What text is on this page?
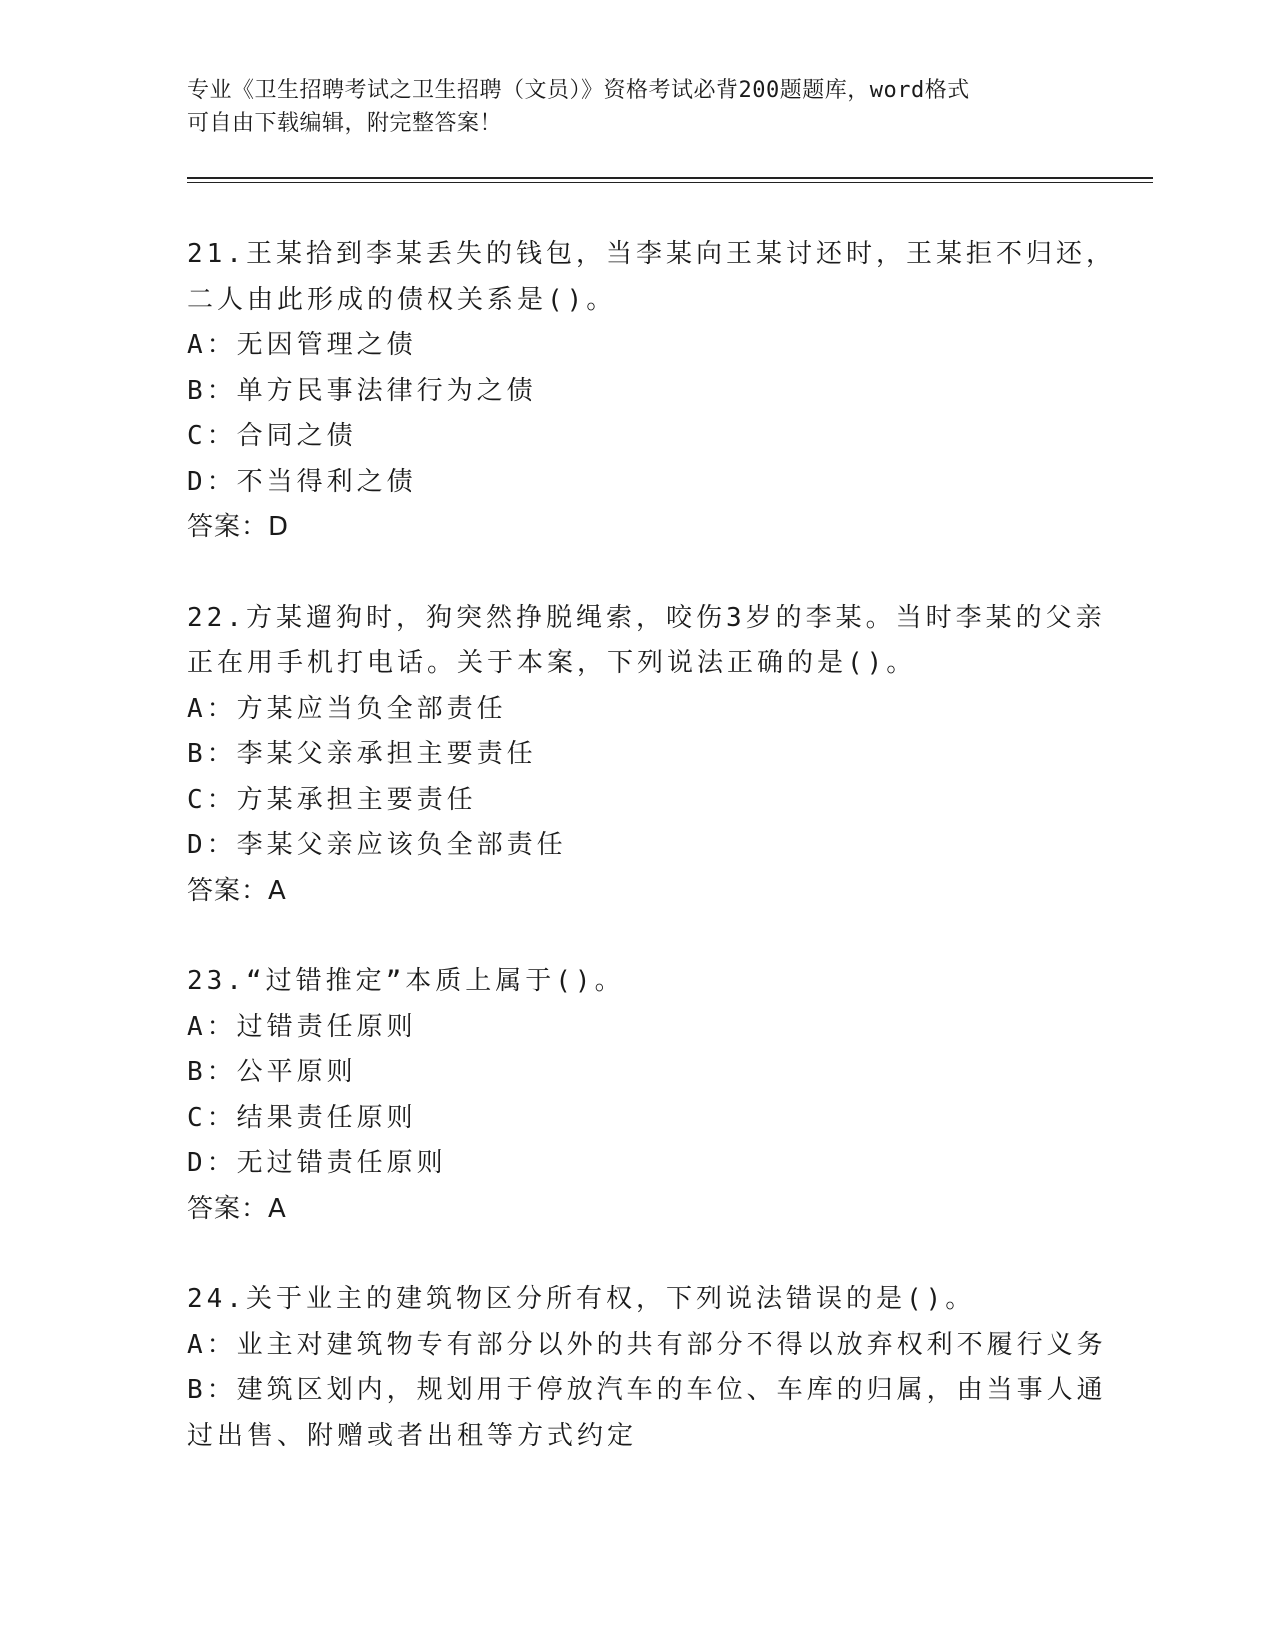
专业《卫生招聘考试之卫生招聘（文员）》资格考试必背200题题库，word格式
可自由下载编辑，附完整答案！
21.王某拾到李某丢失的钱包，当李某向王某讨还时，王某拒不归还，
二人由此形成的债权关系是()。
A：无因管理之债
B：单方民事法律行为之债
C：合同之债
D：不当得利之债
答案：D
22.方某遛狗时，狗突然挣脱绳索，咬伤3岁的李某。当时李某的父亲
正在用手机打电话。关于本案，下列说法正确的是()。
A：方某应当负全部责任
B：李某父亲承担主要责任
C：方某承担主要责任
D：李某父亲应该负全部责任
答案：A
23.“过错推定”本质上属于()。
A：过错责任原则
B：公平原则
C：结果责任原则
D：无过错责任原则
答案：A
24.关于业主的建筑物区分所有权，下列说法错误的是()。
A：业主对建筑物专有部分以外的共有部分不得以放弃权利不履行义务
B：建筑区划内，规划用于停放汽车的车位、车库的归属，由当事人通
过出售、附赠或者出租等方式约定
